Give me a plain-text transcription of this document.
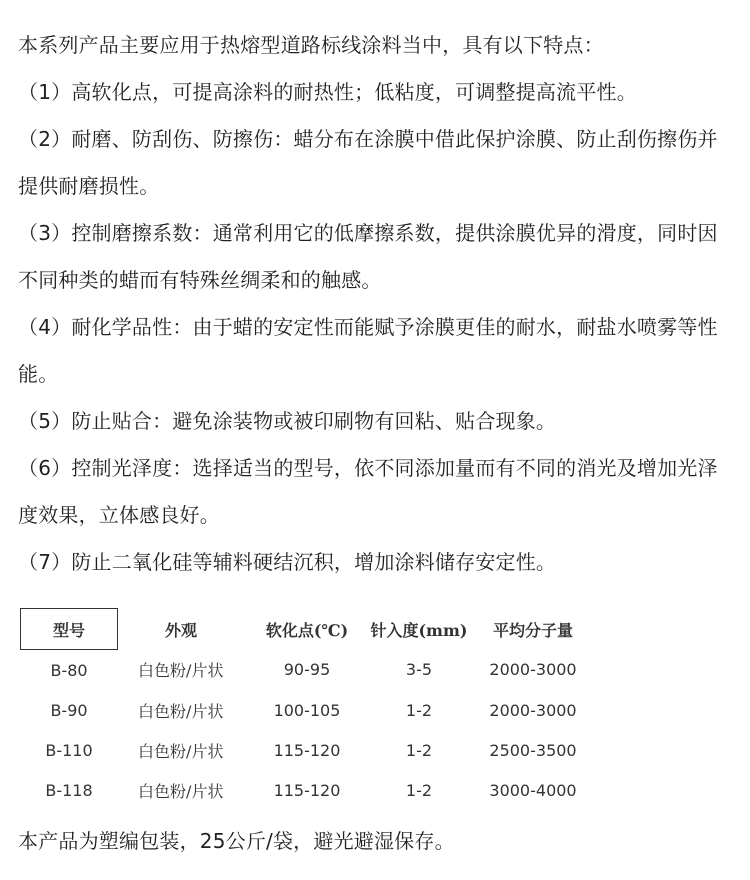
本系列产品主要应用于热熔型道路标线涂料当中，具有以下特点：

（1）高软化点，可提高涂料的耐热性；低粘度，可调整提高流平性。
（2）耐磨、防刮伤、防擦伤：蜡分布在涂膜中借此保护涂膜、防止刮伤擦伤并提供耐磨损性。
（3）控制磨擦系数：通常利用它的低摩擦系数，提供涂膜优异的滑度，同时因不同种类的蜡而有特殊丝绸柔和的触感。
（4）耐化学品性：由于蜡的安定性而能赋予涂膜更佳的耐水，耐盐水喷雾等性能。
（5）防止贴合：避免涂装物或被印刷物有回粘、贴合现象。
（6）控制光泽度：选择适当的型号，依不同添加量而有不同的消光及增加光泽度效果，立体感良好。
（7）防止二氧化硅等辅料硬结沉积，增加涂料储存安定性。
型号	外观	软化点(℃)	针入度(mm)	平均分子量
B-80	白色粉/片状	90-95	3-5	2000-3000
B-90	白色粉/片状	100-105	1-2	2000-3000
B-110	白色粉/片状	115-120	1-2	2500-3500
B-118	白色粉/片状	115-120	1-2	3000-4000

本产品为塑编包装，25公斤/袋，避光避湿保存。
